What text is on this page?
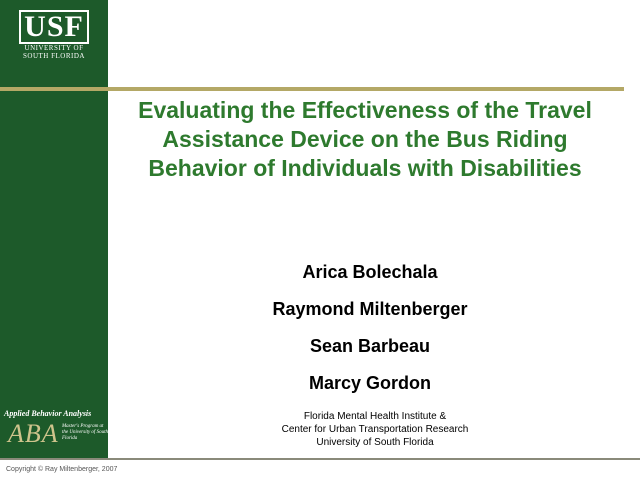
USF
UNIVERSITY OF
SOUTH FLORIDA
Evaluating the Effectiveness of the Travel Assistance Device on the Bus Riding Behavior of Individuals with Disabilities
Arica Bolechala
Raymond Miltenberger
Sean Barbeau
Marcy Gordon
Florida Mental Health Institute &
Center for Urban Transportation Research
University of South Florida
Applied Behavior Analysis
ABA Master's Program at the University of South Florida
Copyright © Ray Miltenberger, 2007
